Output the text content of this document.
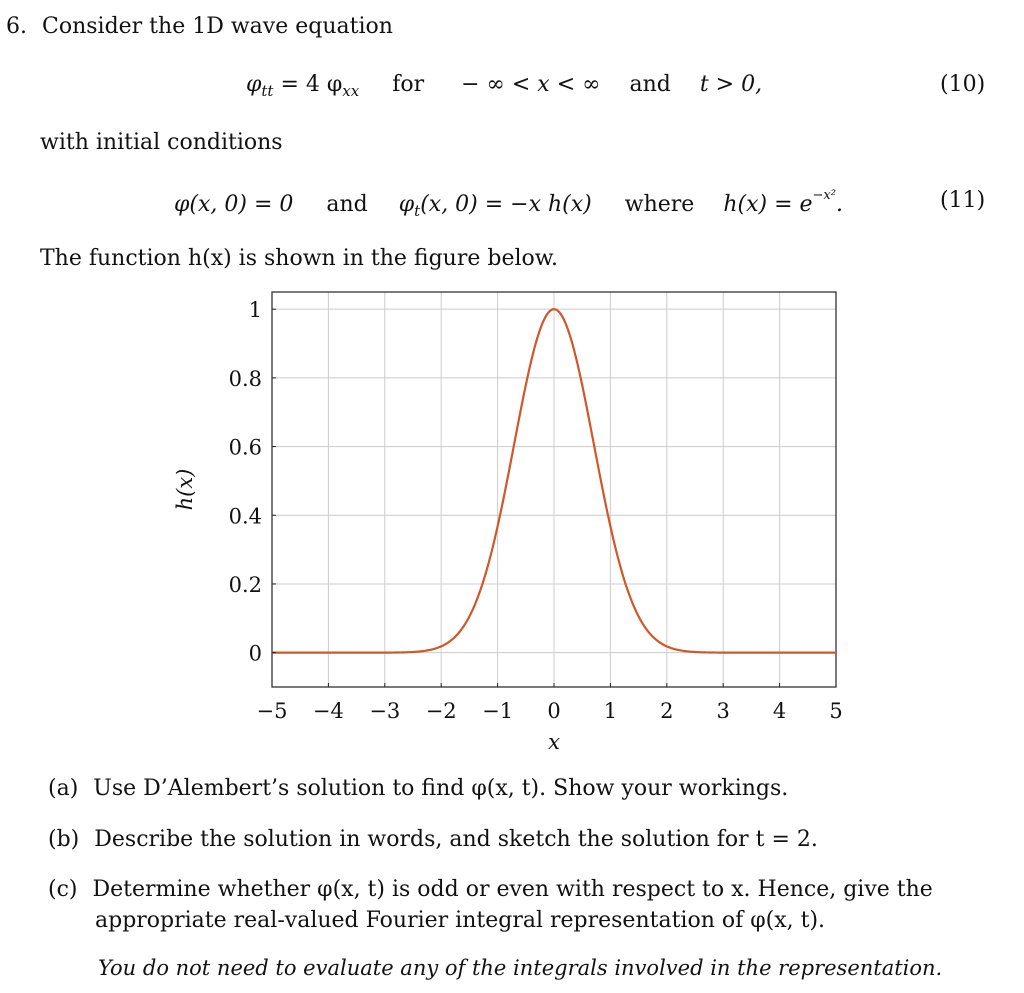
6. Consider the 1D wave equation
$\varphi_{tt} = 4$ $\varphi_{xx}$ for − ∞ < x < ∞ and t > 0,	(10)
with initial conditions
φ(x, 0) = 0 and $\varphi_t(x$, 0) = −x h(x) where $h(x) = e^{-x^2}$.	(11)
The function h(x) is shown in the figure below.
−5 −4 −3 −2 −1 0 1 2 3 4 5
0
0.2
0.4
0.6
0.8
1
x
h(x)
(a) Use D’Alembert’s solution to find φ(x, t). Show your workings.
(b) Describe the solution in words, and sketch the solution for t = 2.
(c) Determine whether φ(x, t) is odd or even with respect to x. Hence, give the
appropriate real-valued Fourier integral representation of φ(x, t).
You do not need to evaluate any of the integrals involved in the representation.
